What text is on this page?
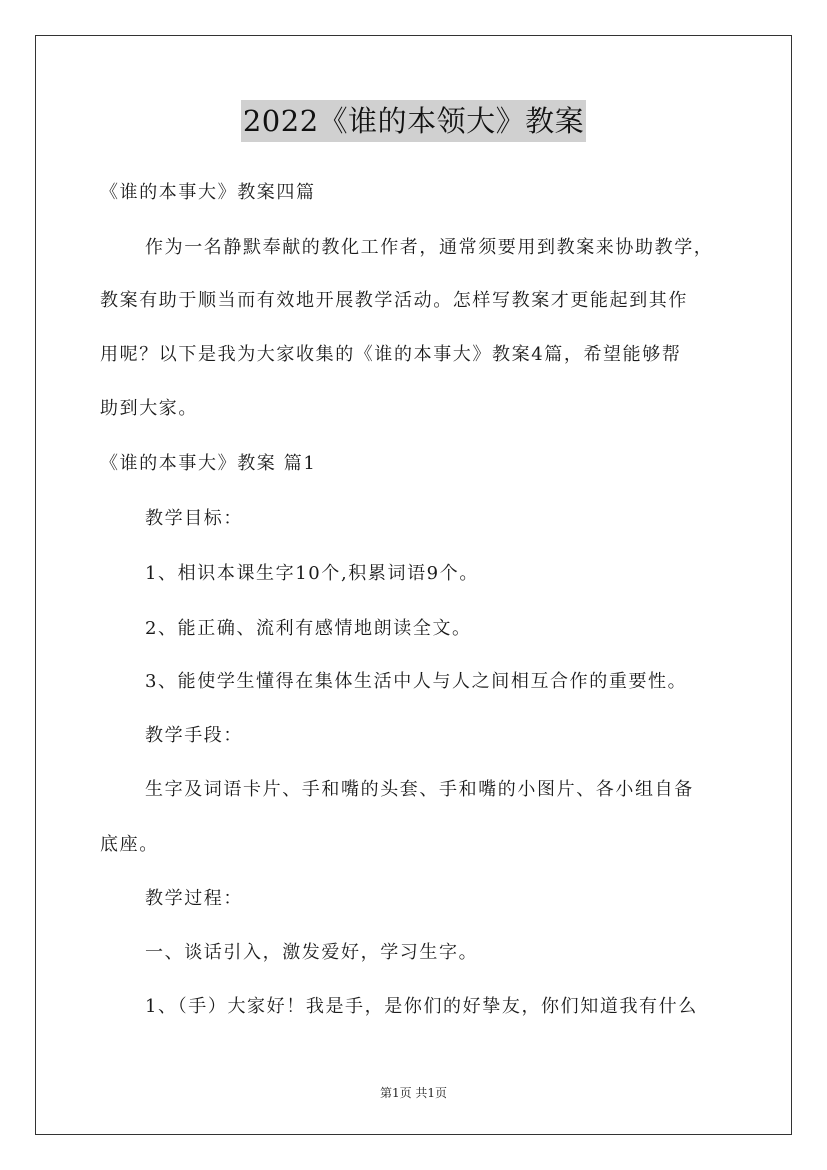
2022《谁的本领大》教案
《谁的本事大》教案四篇
作为一名静默奉献的教化工作者，通常须要用到教案来协助教学，
教案有助于顺当而有效地开展教学活动。怎样写教案才更能起到其作
用呢？以下是我为大家收集的《谁的本事大》教案4篇，希望能够帮
助到大家。
《谁的本事大》教案 篇1
教学目标：
1、相识本课生字10个,积累词语9个。
2、能正确、流利有感情地朗读全文。
3、能使学生懂得在集体生活中人与人之间相互合作的重要性。
教学手段：
生字及词语卡片、手和嘴的头套、手和嘴的小图片、各小组自备
底座。
教学过程：
一、谈话引入，激发爱好，学习生字。
1、（手）大家好！我是手，是你们的好挚友，你们知道我有什么
第1页 共1页
